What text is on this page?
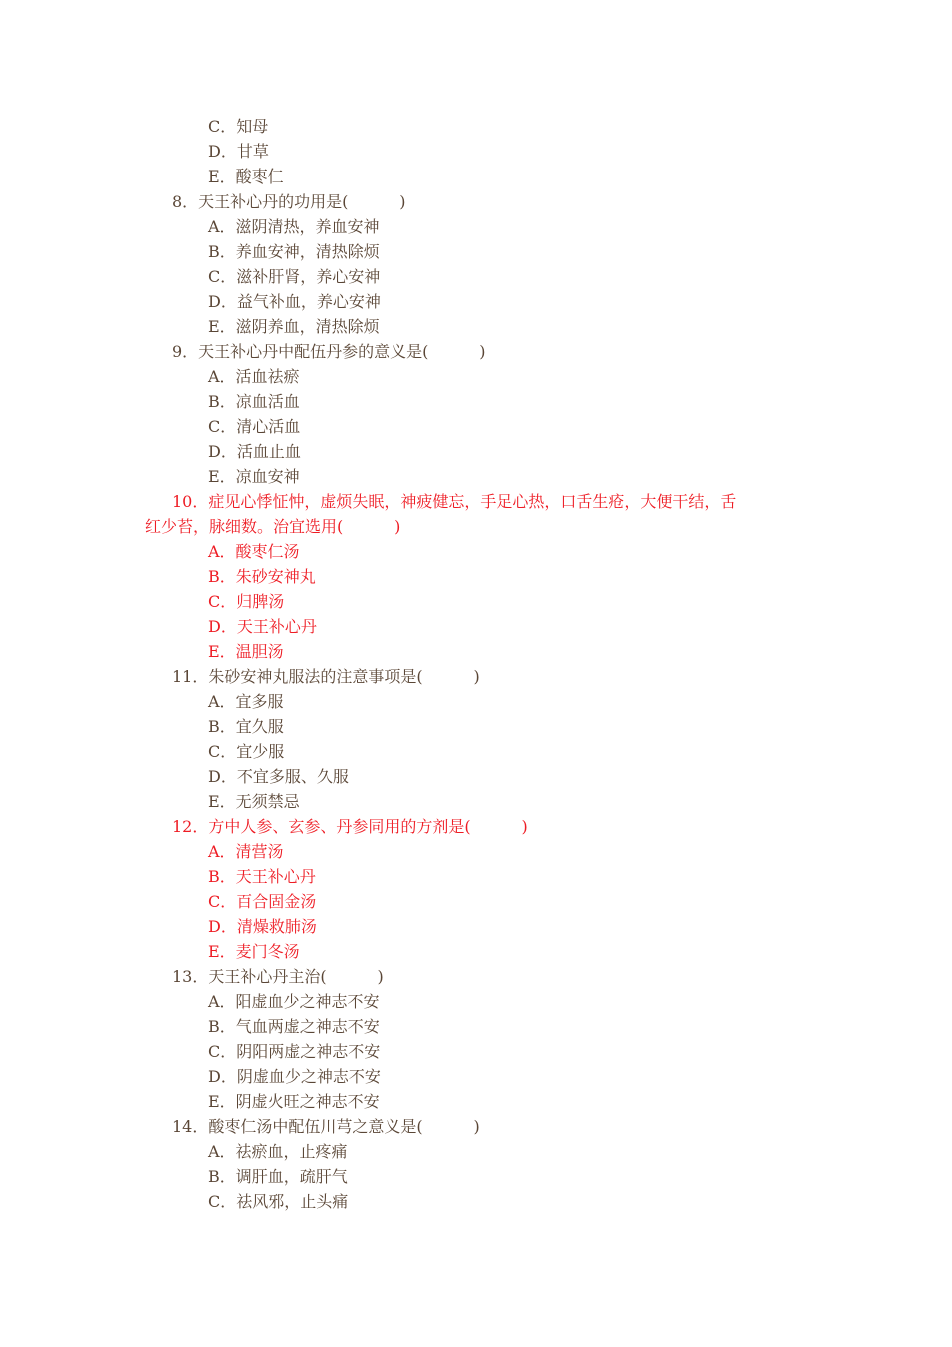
C．知母
D．甘草
E．酸枣仁
8．天王补心丹的功用是(          )
A．滋阴清热，养血安神
B．养血安神，清热除烦
C．滋补肝肾，养心安神
D．益气补血，养心安神
E．滋阴养血，清热除烦
9．天王补心丹中配伍丹参的意义是(          )
A．活血祛瘀
B．凉血活血
C．清心活血
D．活血止血
E．凉血安神
10．症见心悸怔忡，虚烦失眠，神疲健忘，手足心热，口舌生疮，大便干结，舌
红少苔，脉细数。治宜选用(          )
A．酸枣仁汤
B．朱砂安神丸
C．归脾汤
D．天王补心丹
E．温胆汤
11．朱砂安神丸服法的注意事项是(          )
A．宜多服
B．宜久服
C．宜少服
D．不宜多服、久服
E．无须禁忌
12．方中人参、玄参、丹参同用的方剂是(          )
A．清营汤
B．天王补心丹
C．百合固金汤
D．清燥救肺汤
E．麦门冬汤
13．天王补心丹主治(          )
A．阳虚血少之神志不安
B．气血两虚之神志不安
C．阴阳两虚之神志不安
D．阴虚血少之神志不安
E．阴虚火旺之神志不安
14．酸枣仁汤中配伍川芎之意义是(          )
A．祛瘀血，止疼痛
B．调肝血，疏肝气
C．祛风邪，止头痛
